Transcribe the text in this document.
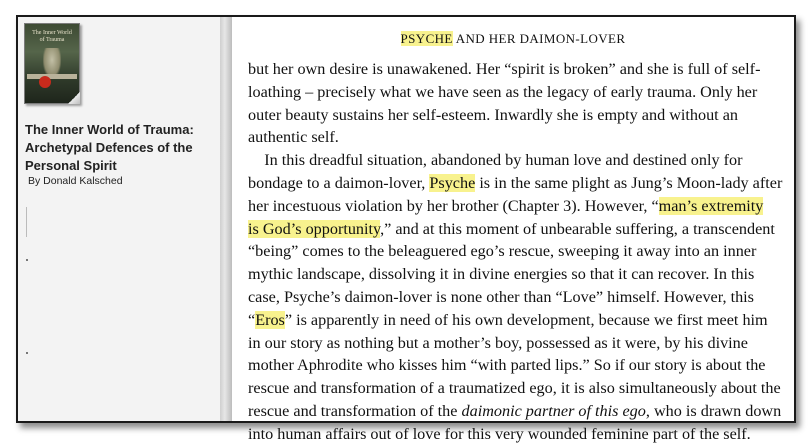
The Inner World of Trauma
The Inner World of Trauma:
Archetypal Defences of the
Personal Spirit
By Donald Kalsched
PSYCHE AND HER DAIMON-LOVER
but her own desire is unawakened. Her “spirit is broken” and she is full of self-
loathing – precisely what we have seen as the legacy of early trauma. Only her
outer beauty sustains her self-esteem. Inwardly she is empty and without an
authentic self.
 In this dreadful situation, abandoned by human love and destined only for
bondage to a daimon-lover, Psyche is in the same plight as Jung’s Moon-lady after
her incestuous violation by her brother (Chapter 3). However, “man’s extremity
is God’s opportunity,” and at this moment of unbearable suffering, a transcendent
“being” comes to the beleaguered ego’s rescue, sweeping it away into an inner
mythic landscape, dissolving it in divine energies so that it can recover. In this
case, Psyche’s daimon-lover is none other than “Love” himself. However, this
“Eros” is apparently in need of his own development, because we first meet him
in our story as nothing but a mother’s boy, possessed as it were, by his divine
mother Aphrodite who kisses him “with parted lips.” So if our story is about the
rescue and transformation of a traumatized ego, it is also simultaneously about the
rescue and transformation of the daimonic partner of this ego, who is drawn down
into human affairs out of love for this very wounded feminine part of the self.
